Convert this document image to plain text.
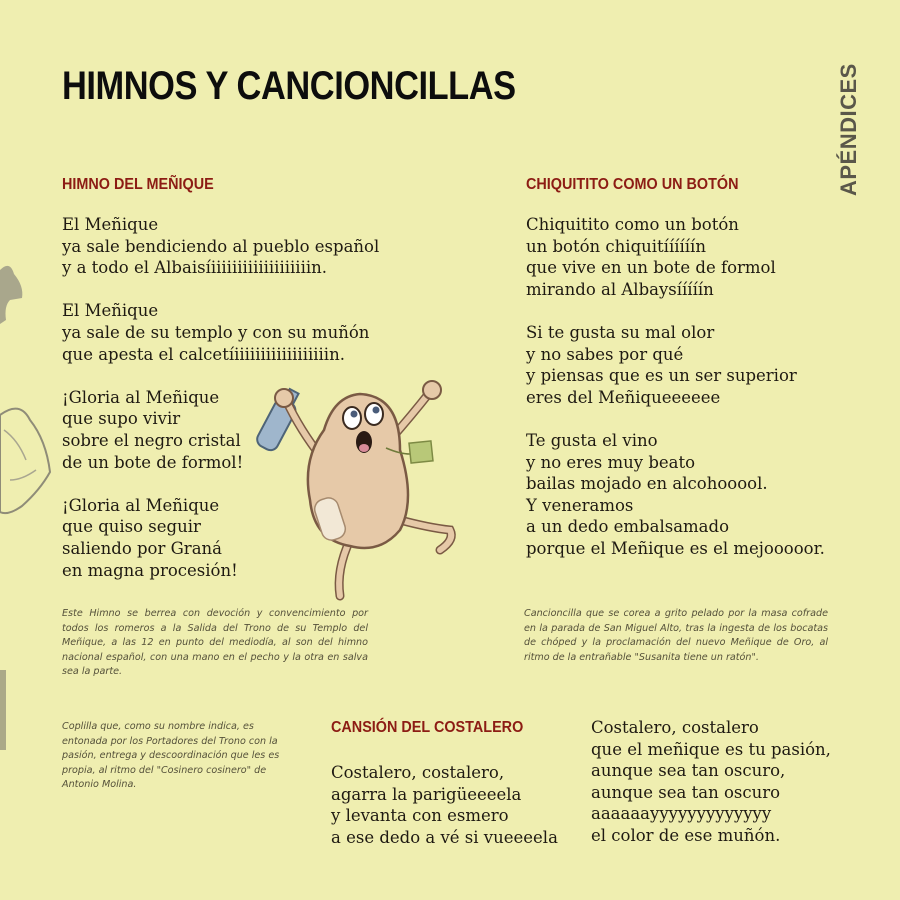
HIMNOS Y CANCIONCILLAS	APÉNDICES
HIMNO DEL MEÑIQUE
El Meñique
ya sale bendiciendo al pueblo español
y a todo el Albaisíiiiiiiiiiiiiiiiiiiin.
El Meñique
ya sale de su templo y con su muñón
que apesta el calcetíiiiiiiiiiiiiiiiiiin.
¡Gloria al Meñique
que supo vivir
sobre el negro cristal
de un bote de formol!
¡Gloria al Meñique
que quiso seguir
saliendo por Graná
en magna procesión!
Este Himno se berrea con devoción y convencimiento por todos los romeros a la Salida del Trono de su Templo del Meñique, a las 12 en punto del mediodía, al son del himno nacional español, con una mano en el pecho y la otra en salva sea la parte.
CHIQUITITO COMO UN BOTÓN
Chiquitito como un botón
un botón chiquitíííííín
que vive en un bote de formol
mirando al Albaysííííín
Si te gusta su mal olor
y no sabes por qué
y piensas que es un ser superior
eres del Meñiqueeeeee
Te gusta el vino
y no eres muy beato
bailas mojado en alcohooool.
Y veneramos
a un dedo embalsamado
porque el Meñique es el mejooooor.
Cancioncilla que se corea a grito pelado por la masa cofrade en la parada de San Miguel Alto, tras la ingesta de los bocatas de chóped y la proclamación del nuevo Meñique de Oro, al ritmo de la entrañable "Susanita tiene un ratón".
Coplilla que, como su nombre indica, es entonada por los Portadores del Trono con la pasión, entrega y descoordinación que les es propia, al ritmo del "Cosinero cosinero" de Antonio Molina.
CANSIÓN DEL COSTALERO
Costalero, costalero,
agarra la parigüeeeela
y levanta con esmero
a ese dedo a vé si vueeeela
Costalero, costalero
que el meñique es tu pasión,
aunque sea tan oscuro,
aunque sea tan oscuro
aaaaaayyyyyyyyyyyyy
el color de ese muñón.
